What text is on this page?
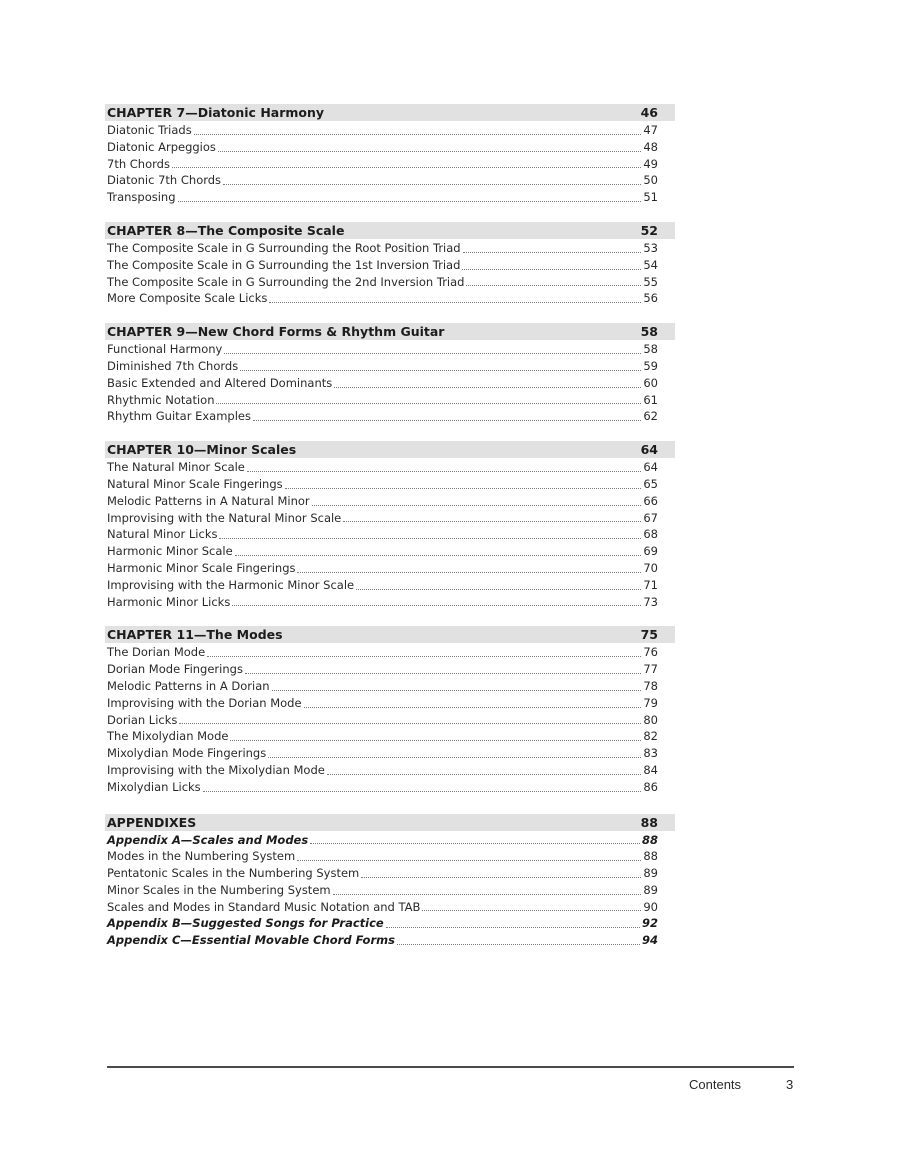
CHAPTER 7—Diatonic Harmony	46
Diatonic Triads	47
Diatonic Arpeggios	48
7th Chords	49
Diatonic 7th Chords	50
Transposing	51
CHAPTER 8—The Composite Scale	52
The Composite Scale in G Surrounding the Root Position Triad	53
The Composite Scale in G Surrounding the 1st Inversion Triad	54
The Composite Scale in G Surrounding the 2nd Inversion Triad	55
More Composite Scale Licks	56
CHAPTER 9—New Chord Forms & Rhythm Guitar	58
Functional Harmony	58
Diminished 7th Chords	59
Basic Extended and Altered Dominants	60
Rhythmic Notation	61
Rhythm Guitar Examples	62
CHAPTER 10—Minor Scales	64
The Natural Minor Scale	64
Natural Minor Scale Fingerings	65
Melodic Patterns in A Natural Minor	66
Improvising with the Natural Minor Scale	67
Natural Minor Licks	68
Harmonic Minor Scale	69
Harmonic Minor Scale Fingerings	70
Improvising with the Harmonic Minor Scale	71
Harmonic Minor Licks	73
CHAPTER 11—The Modes	75
The Dorian Mode	76
Dorian Mode Fingerings	77
Melodic Patterns in A Dorian	78
Improvising with the Dorian Mode	79
Dorian Licks	80
The Mixolydian Mode	82
Mixolydian Mode Fingerings	83
Improvising with the Mixolydian Mode	84
Mixolydian Licks	86
APPENDIXES	88
Appendix A—Scales and Modes	88
Modes in the Numbering System	88
Pentatonic Scales in the Numbering System	89
Minor Scales in the Numbering System	89
Scales and Modes in Standard Music Notation and TAB	90
Appendix B—Suggested Songs for Practice	92
Appendix C—Essential Movable Chord Forms	94
Contents	3
